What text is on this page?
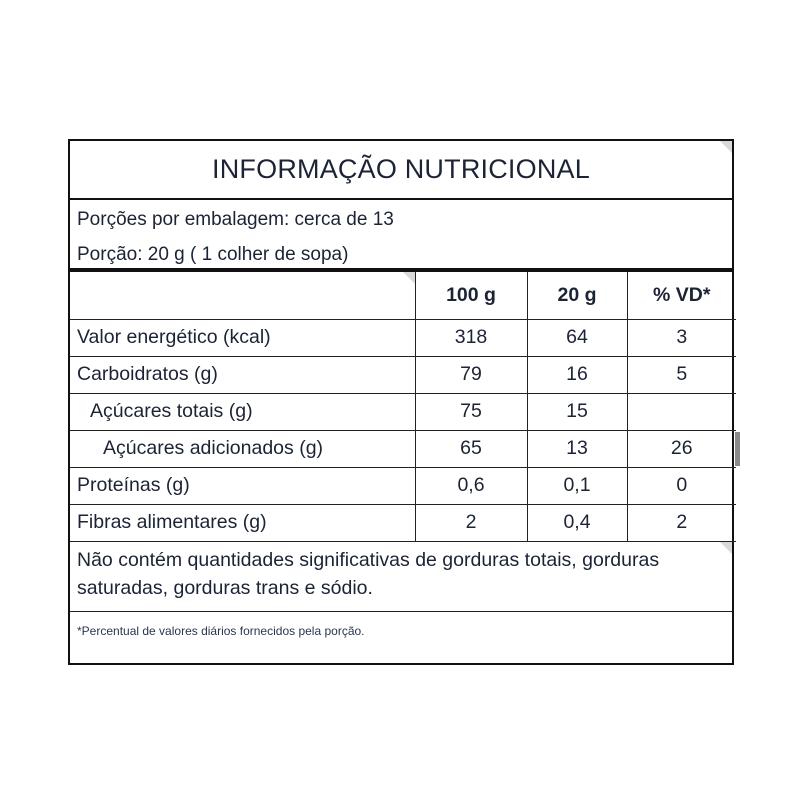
INFORMAÇÃO NUTRICIONAL
Porções por embalagem: cerca de 13
Porção: 20 g ( 1 colher de sopa)
	100 g	20 g	% VD*
Valor energético (kcal)	318	64	3
Carboidratos (g)	79	16	5
Açúcares totais (g)	75	15	
Açúcares adicionados (g)	65	13	26
Proteínas (g)	0,6	0,1	0
Fibras alimentares (g)	2	0,4	2
Não contém quantidades significativas de gorduras totais, gorduras saturadas, gorduras trans e sódio.
*Percentual de valores diários fornecidos pela porção.
